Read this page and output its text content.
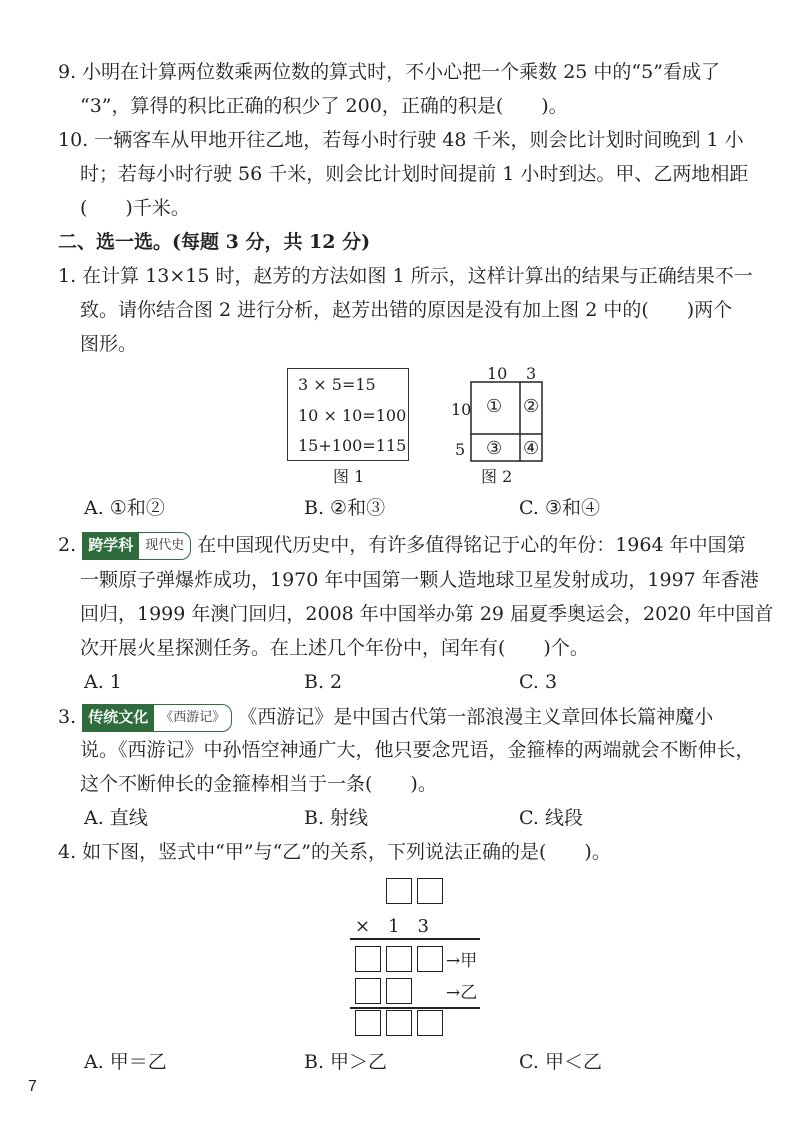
9. 小明在计算两位数乘两位数的算式时，不小心把一个乘数 25 中的“5”看成了
“3”，算得的积比正确的积少了 200，正确的积是(　　)。
10. 一辆客车从甲地开往乙地，若每小时行驶 48 千米，则会比计划时间晚到 1 小
时；若每小时行驶 56 千米，则会比计划时间提前 1 小时到达。甲、乙两地相距
(　　)千米。
二、选一选。(每题 3 分，共 12 分)
1. 在计算 13×15 时，赵芳的方法如图 1 所示，这样计算出的结果与正确结果不一
致。请你结合图 2 进行分析，赵芳出错的原因是没有加上图 2 中的(　　)两个
图形。
3 × 5=15
10 × 10=100
15+100=115
图 1
10 3
10
5
① ②
③ ④
图 2
A. ①和②	B. ②和③	C. ③和④
2. 跨学科 现代史 在中国现代历史中，有许多值得铭记于心的年份：1964 年中国第
一颗原子弹爆炸成功，1970 年中国第一颗人造地球卫星发射成功，1997 年香港
回归，1999 年澳门回归，2008 年中国举办第 29 届夏季奥运会，2020 年中国首
次开展火星探测任务。在上述几个年份中，闰年有(　　)个。
A. 1	B. 2	C. 3
3. 传统文化 《西游记》 《西游记》是中国古代第一部浪漫主义章回体长篇神魔小
说。《西游记》中孙悟空神通广大，他只要念咒语，金箍棒的两端就会不断伸长，
这个不断伸长的金箍棒相当于一条(　　)。
A. 直线	B. 射线	C. 线段
4. 如下图，竖式中“甲”与“乙”的关系，下列说法正确的是(　　)。
×　1　3
→甲
→乙
A. 甲＝乙	B. 甲＞乙	C. 甲＜乙
7
